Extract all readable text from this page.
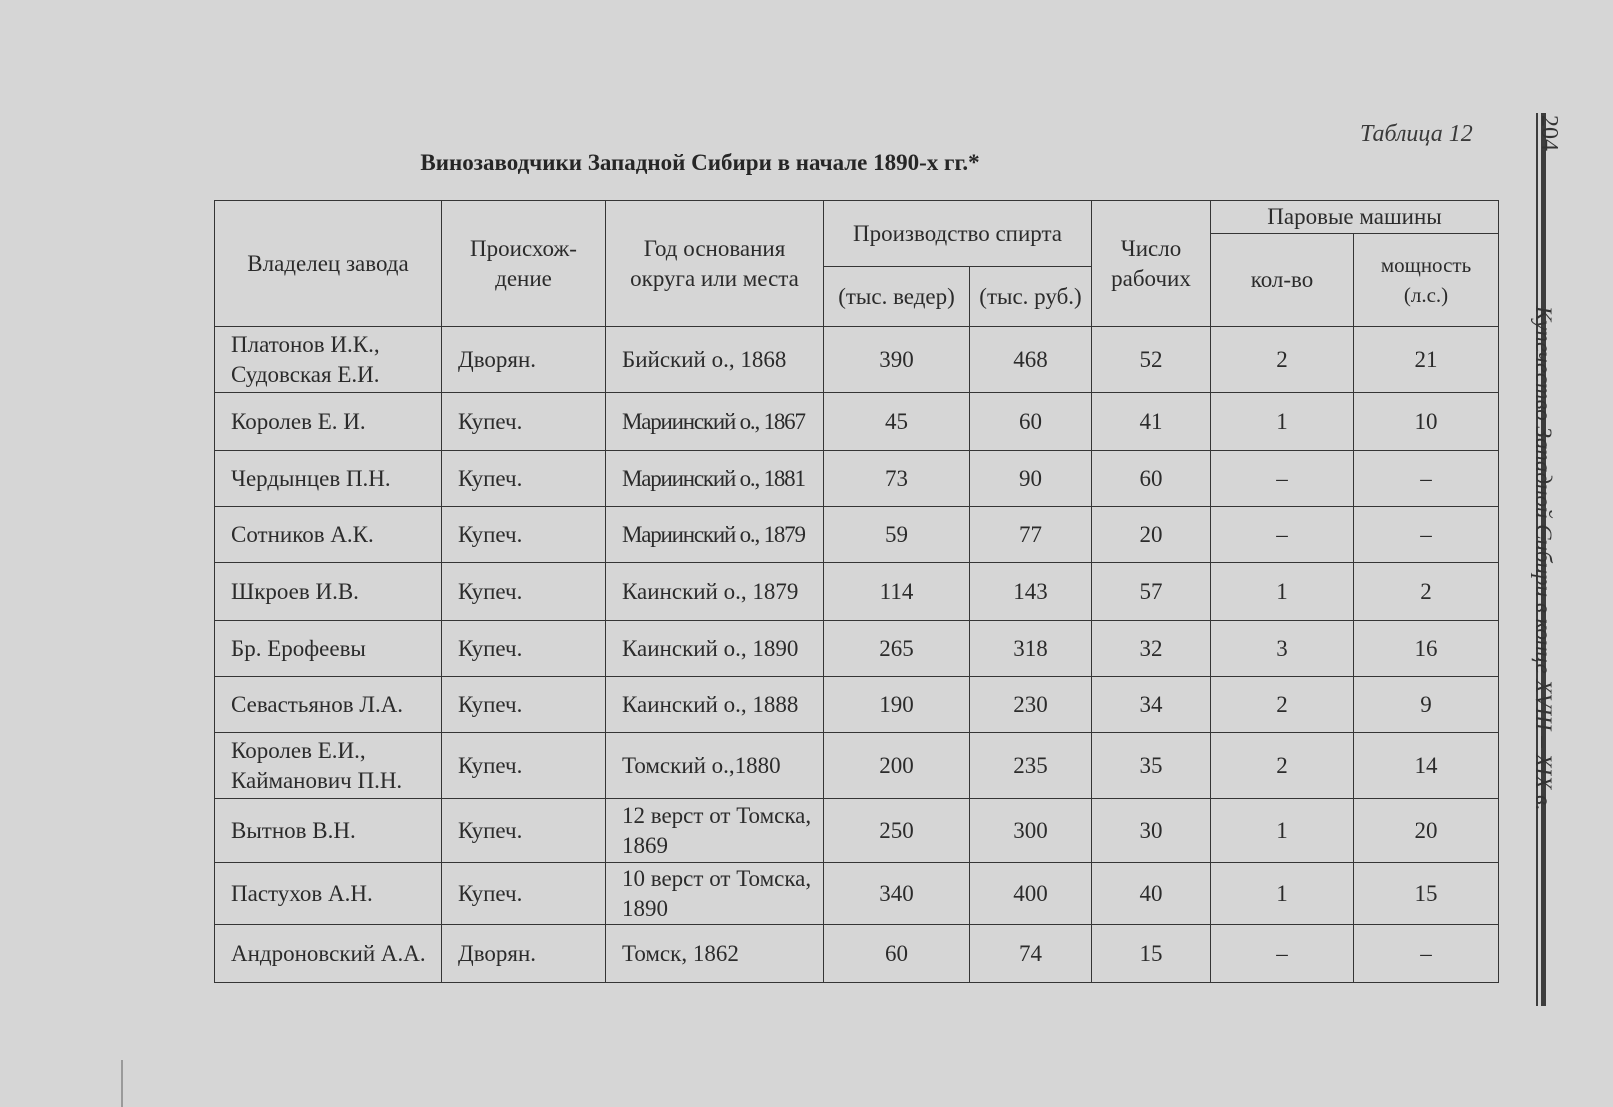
Таблица 12
Винозаводчики Западной Сибири в начале 1890-х гг.*
204
Купечество Западной Сибири в конце XVIII – XIX в.
Владелец завода	Происхож-дение	Год основания округа или места	Производство спирта		Число рабочих	Паровые машины	
						кол-во	мощность (л.с.)
			(тыс. ведер)	(тыс. руб.)			
Платонов И.К., Судовская Е.И.	Дворян.	Бийский о., 1868	390	468	52	2	21
Королев Е. И.	Купеч.	Мариинский о., 1867	45	60	41	1	10
Чердынцев П.Н.	Купеч.	Мариинский о., 1881	73	90	60	–	–
Сотников А.К.	Купеч.	Мариинский о., 1879	59	77	20	–	–
Шкроев И.В.	Купеч.	Каинский о., 1879	114	143	57	1	2
Бр. Ерофеевы	Купеч.	Каинский о., 1890	265	318	32	3	16
Севастьянов Л.А.	Купеч.	Каинский о., 1888	190	230	34	2	9
Королев Е.И., Кайманович П.Н.	Купеч.	Томский о.,1880	200	235	35	2	14
Вытнов В.Н.	Купеч.	12 верст от Томска, 1869	250	300	30	1	20
Пастухов А.Н.	Купеч.	10 верст от Томска, 1890	340	400	40	1	15
Андроновский А.А.	Дворян.	Томск, 1862	60	74	15	–	–
